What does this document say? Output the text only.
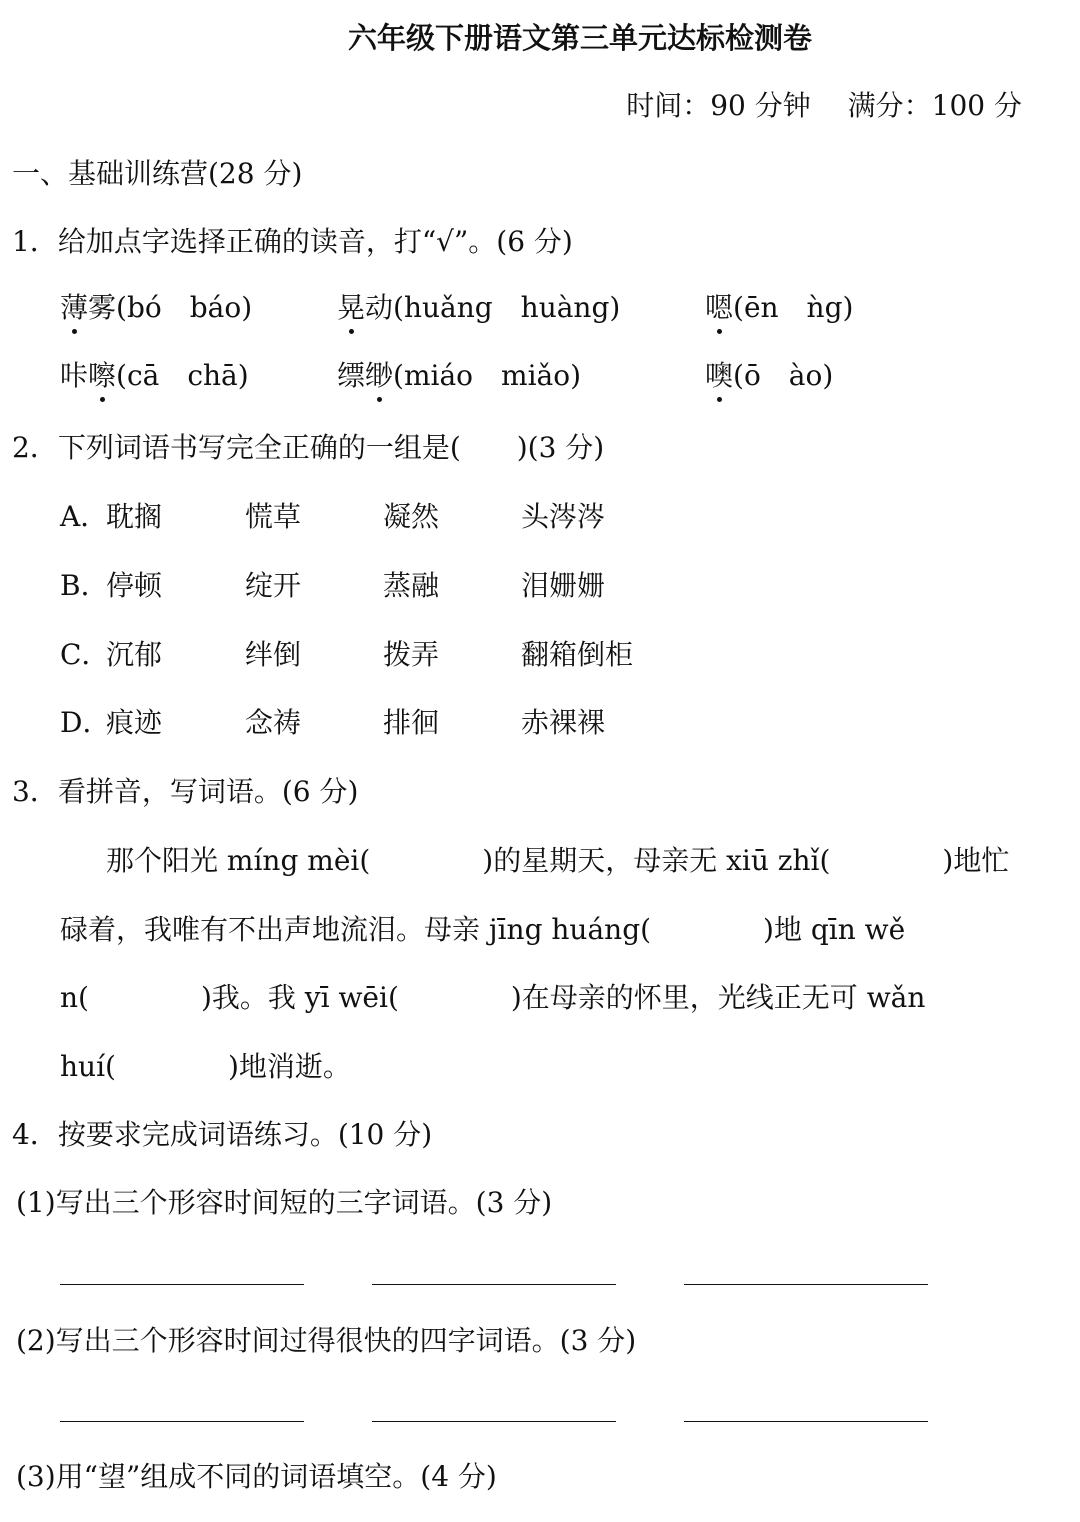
六年级下册语文第三单元达标检测卷
时间：90 分钟　 满分：100 分
一、基础训练营(28 分)
1．给加点字选择正确的读音，打“√”。(6 分)
薄雾(bó　báo)	晃动(huǎng　huàng)	嗯(ēn　ǹg)
咔嚓(cā　chā)	缥缈(miáo　miǎo)	噢(ō　ào)
2．下列词语书写完全正确的一组是(　　)(3 分)
A．
耽搁	慌草	凝然	头涔涔
B．
停顿	绽开	蒸融	泪姗姗
C．
沉郁	绊倒	拨弄	翻箱倒柜
D．
痕迹	念祷	排徊	赤裸裸
3．看拼音，写词语。(6 分)
那个阳光 míng mèi(　　　　)的星期天，母亲无 xiū zhǐ(　　　　)地忙
碌着，我唯有不出声地流泪。母亲 jīng huáng(　　　　)地 qīn wě
n(　　　　)我。我 yī wēi(　　　　)在母亲的怀里，光线正无可 wǎn
huí(　　　　)地消逝。
4．按要求完成词语练习。(10 分)
(1)写出三个形容时间短的三字词语。(3 分)

(2)写出三个形容时间过得很快的四字词语。(3 分)

(3)用“望”组成不同的词语填空。(4 分)
